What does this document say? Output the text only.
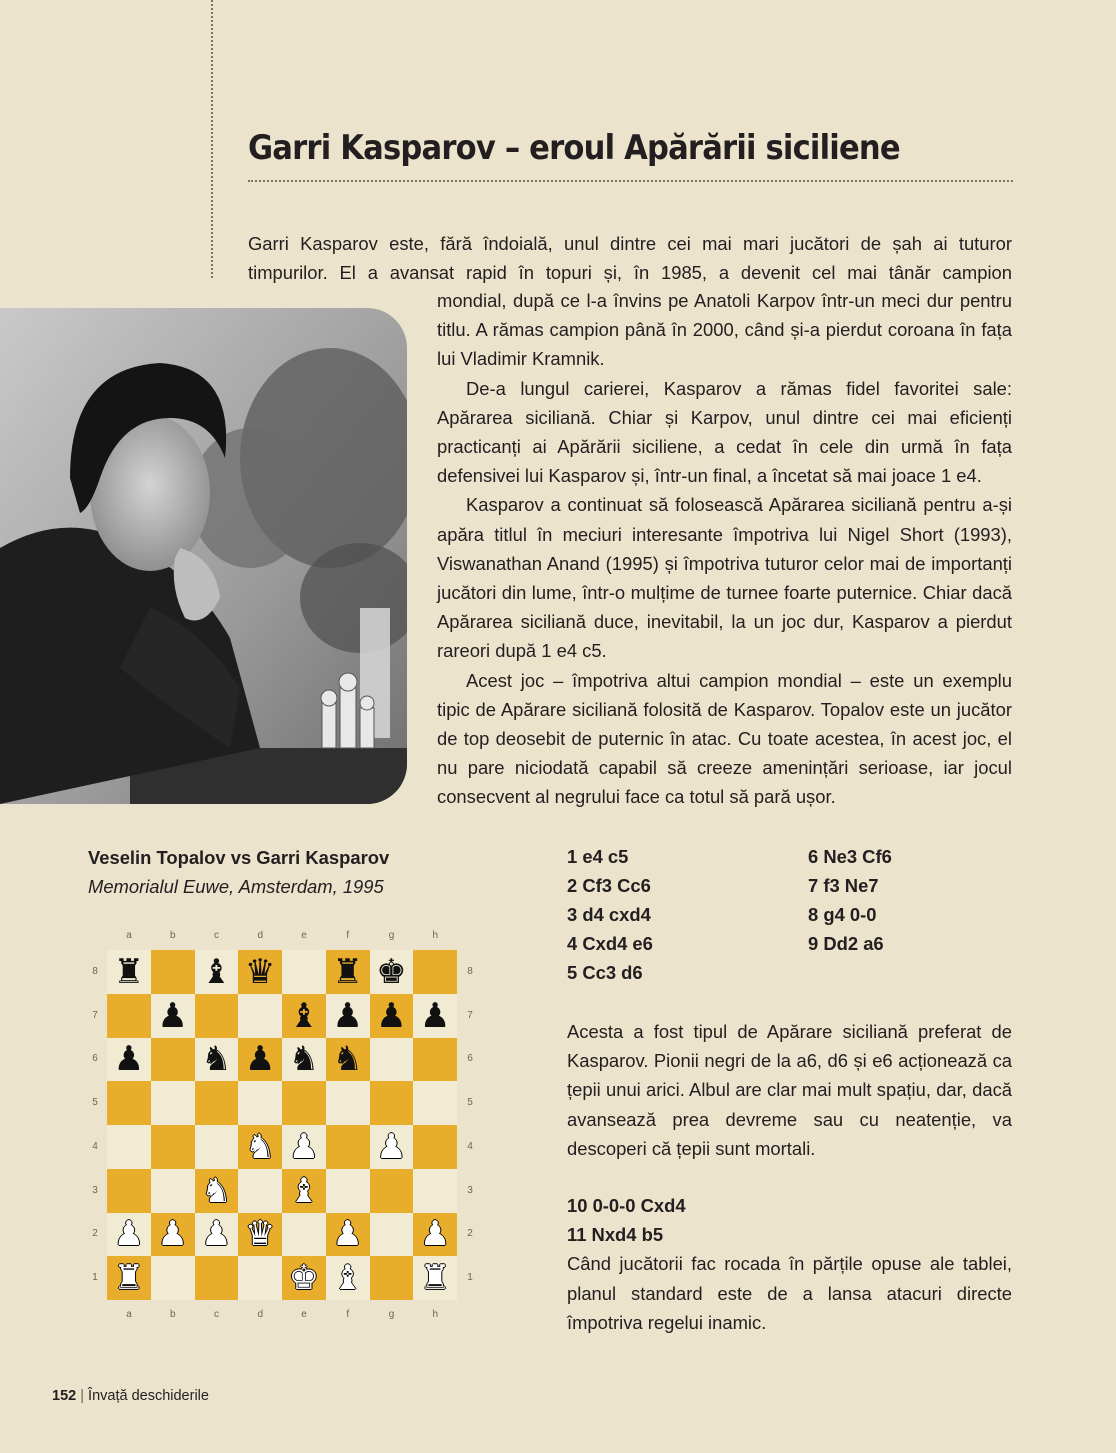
Garri Kasparov – eroul Apărării siciliene
Garri Kasparov este, fără îndoială, unul dintre cei mai mari jucători de șah ai tuturor
timpurilor. El a avansat rapid în topuri și, în 1985, a devenit cel mai tânăr campion

mondial, după ce l-a învins pe Anatoli Karpov într-un meci dur pentru titlu. A rămas campion până în 2000, când și-a pierdut coroana în fața lui Vladimir Kramnik.

De-a lungul carierei, Kasparov a rămas fidel favoritei sale: Apărarea siciliană. Chiar și Karpov, unul dintre cei mai eficienți practicanți ai Apărării siciliene, a cedat în cele din urmă în fața defensivei lui Kasparov și, într-un final, a încetat să mai joace 1 e4.

Kasparov a continuat să folosească Apărarea siciliană pentru a-și apăra titlul în meciuri interesante împotriva lui Nigel Short (1993), Viswanathan Anand (1995) și împotriva tuturor celor mai de importanți jucători din lume, într-o mulțime de turnee foarte puternice. Chiar dacă Apărarea siciliană duce, inevitabil, la un joc dur, Kasparov a pierdut rareori după 1 e4 c5.

Acest joc – împotriva altui campion mondial – este un exemplu tipic de Apărare siciliană folosită de Kasparov. Topalov este un jucător de top deosebit de puternic în atac. Cu toate acestea, în acest joc, el nu pare niciodată capabil să creeze amenințări serioase, iar jocul consecvent al negrului face ca totul să pară ușor.

Veselin Topalov vs Garri Kasparov
Memorialul Euwe, Amsterdam, 1995
a	b	c	d	e	f	g	h
a	b	c	d	e	f	g	h
8
7
6
5
4
3
2
1
8
7
6
5
4
3
2
1
♜ ♝ ♛ ♜ ♚
♟	♝ ♟ ♟ ♟
♟ ♞ ♟ ♞ ♞
♞ ♟ ♟
♞ ♝
♟ ♟ ♟ ♛ ♟ ♟
♜	♚ ♝ ♜
1 e4 c5
2 Cf3 Cc6
3 d4 cxd4
4 Cxd4 e6
5 Cc3 d6
6 Ne3 Cf6
7 f3 Ne7
8 g4 0-0
9 Dd2 a6
Acesta a fost tipul de Apărare siciliană preferat de Kasparov. Pionii negri de la a6, d6 și e6 acționează ca țepii unui arici. Albul are clar mai mult spațiu, dar, dacă avansează prea devreme sau cu neatenție, va descoperi că țepii sunt mortali.
10 0-0-0 Cxd4
11 Nxd4 b5
Când jucătorii fac rocada în părțile opuse ale tablei, planul standard este de a lansa atacuri directe împotriva regelui inamic.
152 | Învață deschiderile
